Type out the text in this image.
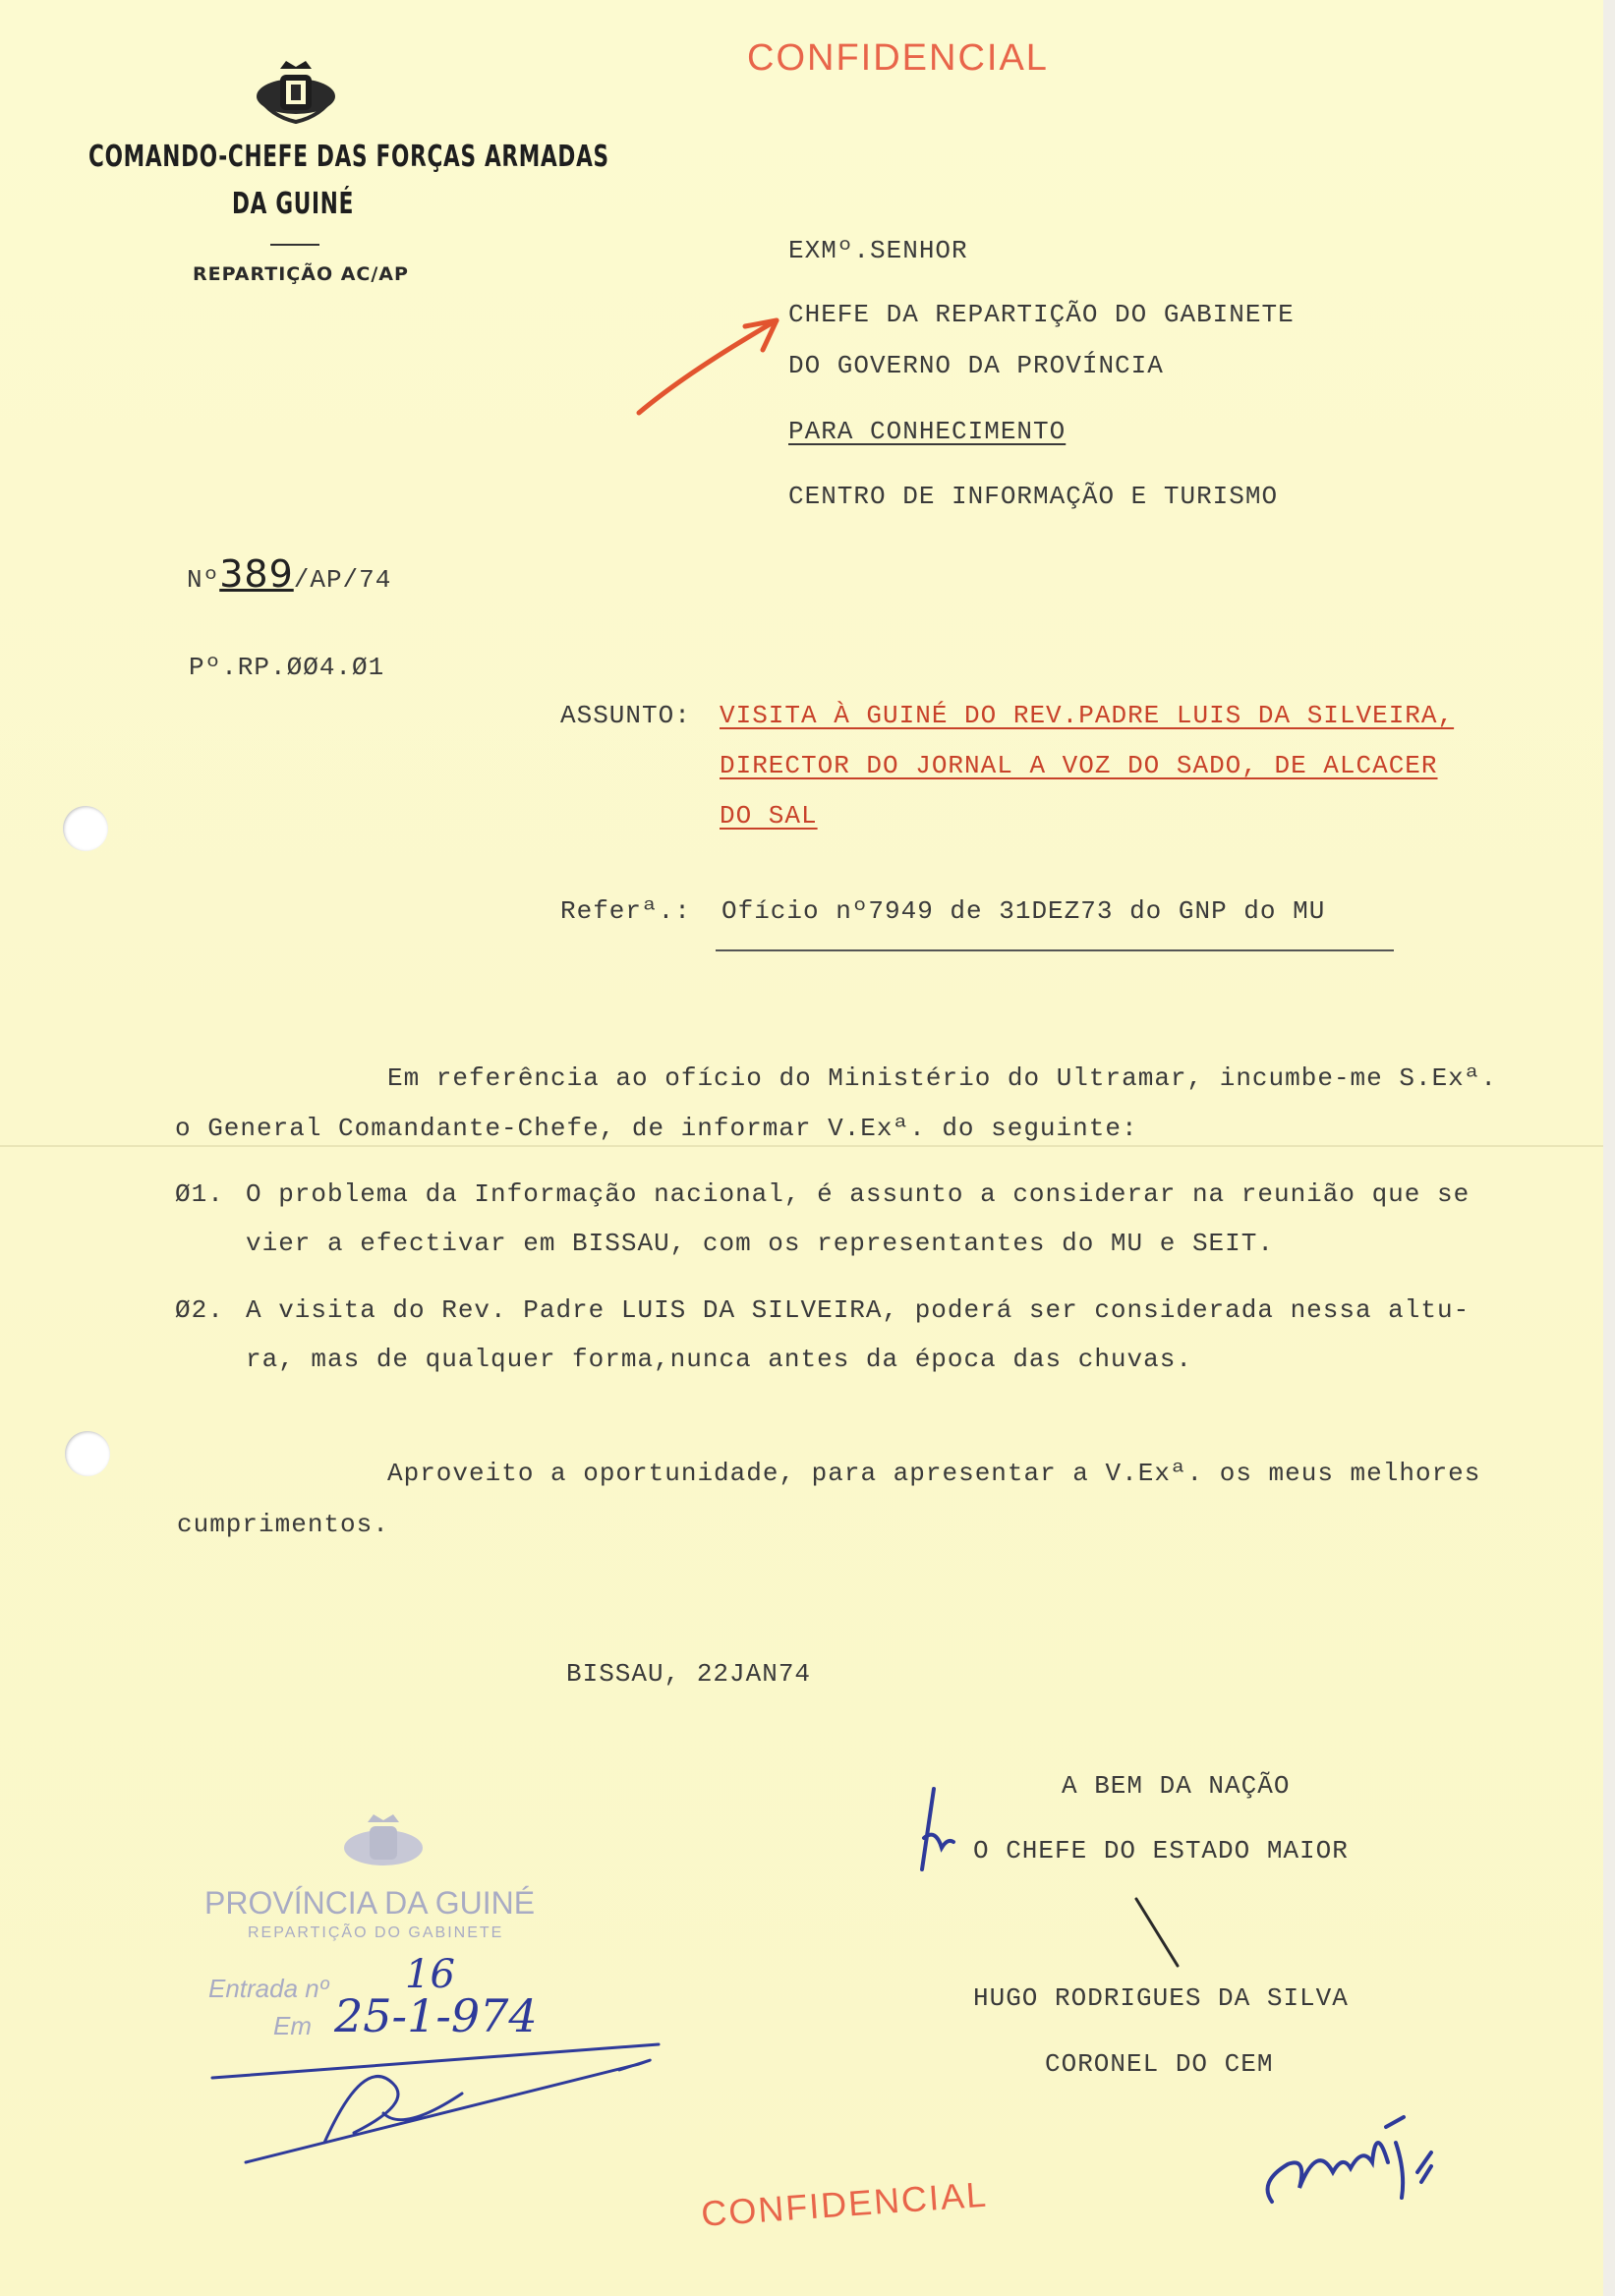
CONFIDENCIAL
COMANDO-CHEFE DAS FORÇAS ARMADAS
DA GUINÉ
REPARTIÇÃO AC/AP
EXMº.SENHOR
CHEFE DA REPARTIÇÃO DO GABINETE
DO GOVERNO DA PROVÍNCIA
PARA CONHECIMENTO
CENTRO DE INFORMAÇÃO E TURISMO
Nº389/AP/74
Pº.RP.ØØ4.Ø1
ASSUNTO: VISITA À GUINÉ DO REV.PADRE LUIS DA SILVEIRA,
DIRECTOR DO JORNAL A VOZ DO SADO, DE ALCACER
DO SAL
Referª.: Ofício nº7949 de 31DEZ73 do GNP do MU
Em referência ao ofício do Ministério do Ultramar, incumbe-me S.Exª.
o General Comandante-Chefe, de informar V.Exª. do seguinte:
Ø1. O problema da Informação nacional, é assunto a considerar na reunião que se
vier a efectivar em BISSAU, com os representantes do MU e SEIT.
Ø2. A visita do Rev. Padre LUIS DA SILVEIRA, poderá ser considerada nessa altu-
ra, mas de qualquer forma,nunca antes da época das chuvas.
Aproveito a oportunidade, para apresentar a V.Exª. os meus melhores
cumprimentos.
BISSAU, 22JAN74
A BEM DA NAÇÃO
O CHEFE DO ESTADO MAIOR
HUGO RODRIGUES DA SILVA
CORONEL DO CEM
PROVÍNCIA DA GUINÉ
REPARTIÇÃO DO GABINETE
Entrada nº 16
Em 25-1-974
CONFIDENCIAL
